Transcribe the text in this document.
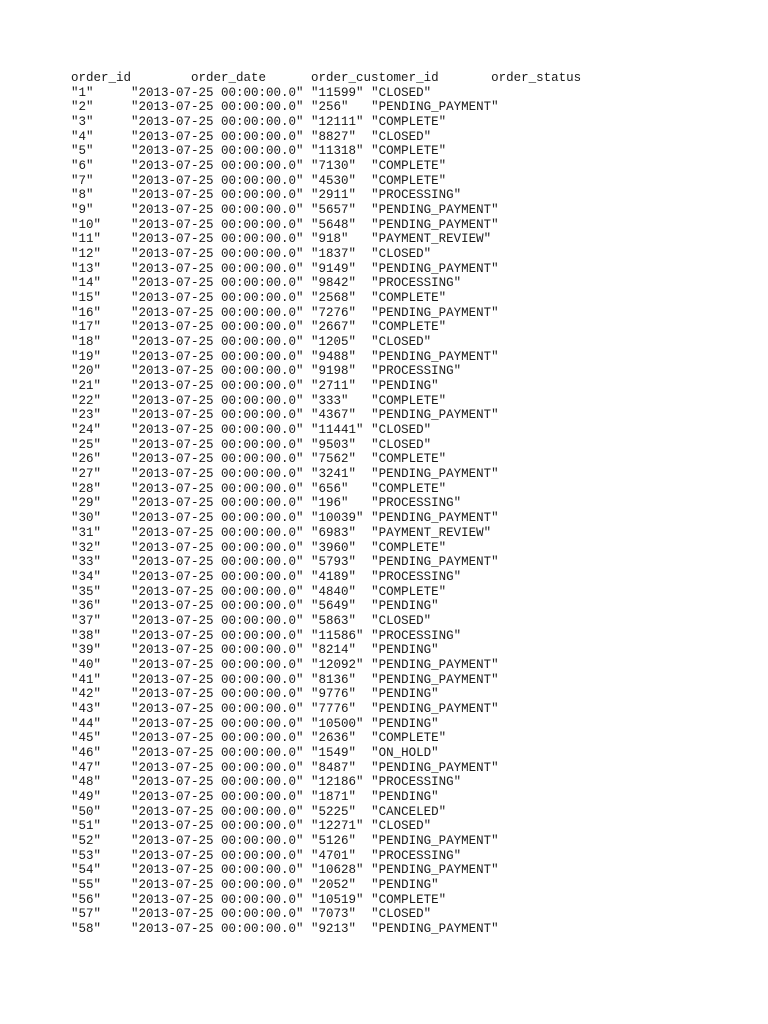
order_id	order_date	order_customer_id	order_status
"1"	"2013-07-25 00:00:00.0"	"11599"	"CLOSED"
"2"	"2013-07-25 00:00:00.0"	"256"	"PENDING_PAYMENT"
"3"	"2013-07-25 00:00:00.0"	"12111"	"COMPLETE"
"4"	"2013-07-25 00:00:00.0"	"8827"	"CLOSED"
"5"	"2013-07-25 00:00:00.0"	"11318"	"COMPLETE"
"6"	"2013-07-25 00:00:00.0"	"7130"	"COMPLETE"
"7"	"2013-07-25 00:00:00.0"	"4530"	"COMPLETE"
"8"	"2013-07-25 00:00:00.0"	"2911"	"PROCESSING"
"9"	"2013-07-25 00:00:00.0"	"5657"	"PENDING_PAYMENT"
"10"	"2013-07-25 00:00:00.0"	"5648"	"PENDING_PAYMENT"
"11"	"2013-07-25 00:00:00.0"	"918"	"PAYMENT_REVIEW"
"12"	"2013-07-25 00:00:00.0"	"1837"	"CLOSED"
"13"	"2013-07-25 00:00:00.0"	"9149"	"PENDING_PAYMENT"
"14"	"2013-07-25 00:00:00.0"	"9842"	"PROCESSING"
"15"	"2013-07-25 00:00:00.0"	"2568"	"COMPLETE"
"16"	"2013-07-25 00:00:00.0"	"7276"	"PENDING_PAYMENT"
"17"	"2013-07-25 00:00:00.0"	"2667"	"COMPLETE"
"18"	"2013-07-25 00:00:00.0"	"1205"	"CLOSED"
"19"	"2013-07-25 00:00:00.0"	"9488"	"PENDING_PAYMENT"
"20"	"2013-07-25 00:00:00.0"	"9198"	"PROCESSING"
"21"	"2013-07-25 00:00:00.0"	"2711"	"PENDING"
"22"	"2013-07-25 00:00:00.0"	"333"	"COMPLETE"
"23"	"2013-07-25 00:00:00.0"	"4367"	"PENDING_PAYMENT"
"24"	"2013-07-25 00:00:00.0"	"11441"	"CLOSED"
"25"	"2013-07-25 00:00:00.0"	"9503"	"CLOSED"
"26"	"2013-07-25 00:00:00.0"	"7562"	"COMPLETE"
"27"	"2013-07-25 00:00:00.0"	"3241"	"PENDING_PAYMENT"
"28"	"2013-07-25 00:00:00.0"	"656"	"COMPLETE"
"29"	"2013-07-25 00:00:00.0"	"196"	"PROCESSING"
"30"	"2013-07-25 00:00:00.0"	"10039"	"PENDING_PAYMENT"
"31"	"2013-07-25 00:00:00.0"	"6983"	"PAYMENT_REVIEW"
"32"	"2013-07-25 00:00:00.0"	"3960"	"COMPLETE"
"33"	"2013-07-25 00:00:00.0"	"5793"	"PENDING_PAYMENT"
"34"	"2013-07-25 00:00:00.0"	"4189"	"PROCESSING"
"35"	"2013-07-25 00:00:00.0"	"4840"	"COMPLETE"
"36"	"2013-07-25 00:00:00.0"	"5649"	"PENDING"
"37"	"2013-07-25 00:00:00.0"	"5863"	"CLOSED"
"38"	"2013-07-25 00:00:00.0"	"11586"	"PROCESSING"
"39"	"2013-07-25 00:00:00.0"	"8214"	"PENDING"
"40"	"2013-07-25 00:00:00.0"	"12092"	"PENDING_PAYMENT"
"41"	"2013-07-25 00:00:00.0"	"8136"	"PENDING_PAYMENT"
"42"	"2013-07-25 00:00:00.0"	"9776"	"PENDING"
"43"	"2013-07-25 00:00:00.0"	"7776"	"PENDING_PAYMENT"
"44"	"2013-07-25 00:00:00.0"	"10500"	"PENDING"
"45"	"2013-07-25 00:00:00.0"	"2636"	"COMPLETE"
"46"	"2013-07-25 00:00:00.0"	"1549"	"ON_HOLD"
"47"	"2013-07-25 00:00:00.0"	"8487"	"PENDING_PAYMENT"
"48"	"2013-07-25 00:00:00.0"	"12186"	"PROCESSING"
"49"	"2013-07-25 00:00:00.0"	"1871"	"PENDING"
"50"	"2013-07-25 00:00:00.0"	"5225"	"CANCELED"
"51"	"2013-07-25 00:00:00.0"	"12271"	"CLOSED"
"52"	"2013-07-25 00:00:00.0"	"5126"	"PENDING_PAYMENT"
"53"	"2013-07-25 00:00:00.0"	"4701"	"PROCESSING"
"54"	"2013-07-25 00:00:00.0"	"10628"	"PENDING_PAYMENT"
"55"	"2013-07-25 00:00:00.0"	"2052"	"PENDING"
"56"	"2013-07-25 00:00:00.0"	"10519"	"COMPLETE"
"57"	"2013-07-25 00:00:00.0"	"7073"	"CLOSED"
"58"	"2013-07-25 00:00:00.0"	"9213"	"PENDING_PAYMENT"
